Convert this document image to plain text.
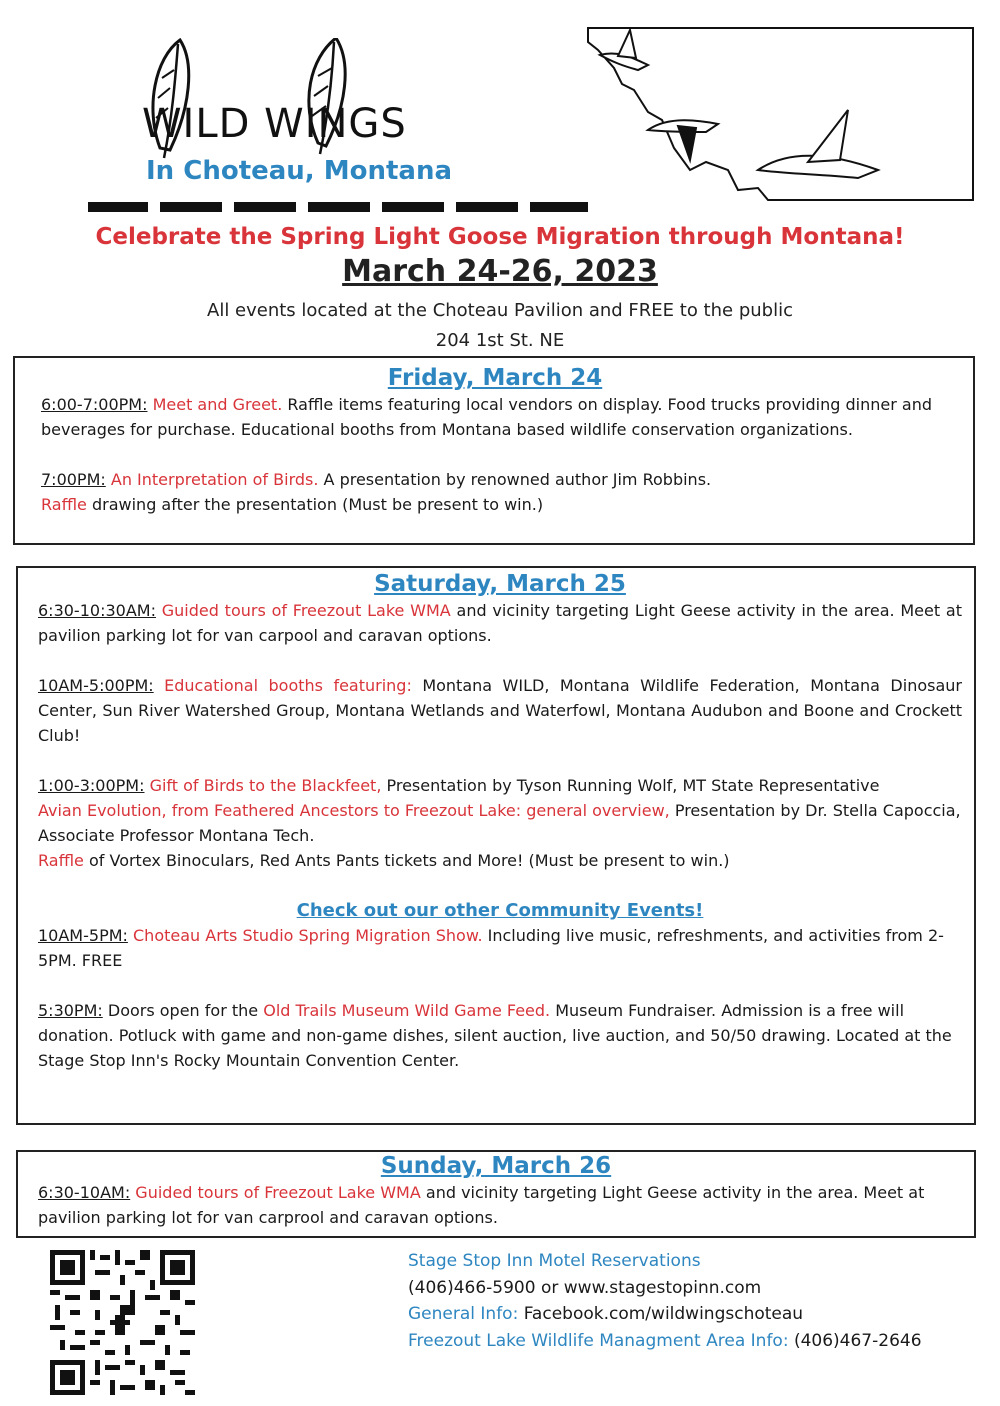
WILD WINGS
In Choteau, Montana
Celebrate the Spring Light Goose Migration through Montana!
March 24-26, 2023
All events located at the Choteau Pavilion and FREE to the public
204 1st St. NE

Friday, March 24

6:00-7:00PM: Meet and Greet. Raffle items featuring local vendors on display. Food trucks providing dinner and beverages for purchase. Educational booths from Montana based wildlife conservation organizations.

7:00PM: An Interpretation of Birds. A presentation by renowned author Jim Robbins.

Raffle drawing after the presentation (Must be present to win.)

Saturday, March 25

6:30-10:30AM: Guided tours of Freezout Lake WMA and vicinity targeting Light Geese activity in the area. Meet at pavilion parking lot for van carpool and caravan options.

10AM-5:00PM: Educational booths featuring: Montana WILD, Montana Wildlife Federation, Montana Dinosaur Center, Sun River Watershed Group, Montana Wetlands and Waterfowl, Montana Audubon and Boone and Crockett Club!

1:00-3:00PM: Gift of Birds to the Blackfeet, Presentation by Tyson Running Wolf, MT State Representative

Avian Evolution, from Feathered Ancestors to Freezout Lake: general overview, Presentation by Dr. Stella Capoccia, Associate Professor Montana Tech.

Raffle of Vortex Binoculars, Red Ants Pants tickets and More! (Must be present to win.)

Check out our other Community Events!

10AM-5PM: Choteau Arts Studio Spring Migration Show. Including live music, refreshments, and activities from 2-5PM. FREE

5:30PM: Doors open for the Old Trails Museum Wild Game Feed. Museum Fundraiser. Admission is a free will donation. Potluck with game and non-game dishes, silent auction, live auction, and 50/50 drawing. Located at the Stage Stop Inn's Rocky Mountain Convention Center.

Sunday, March 26

6:30-10AM: Guided tours of Freezout Lake WMA and vicinity targeting Light Geese activity in the area. Meet at pavilion parking lot for van carprool and caravan options.

Stage Stop Inn Motel Reservations
(406)466-5900 or www.stagestopinn.com
General Info: Facebook.com/wildwingschoteau
Freezout Lake Wildlife Managment Area Info: (406)467-2646
